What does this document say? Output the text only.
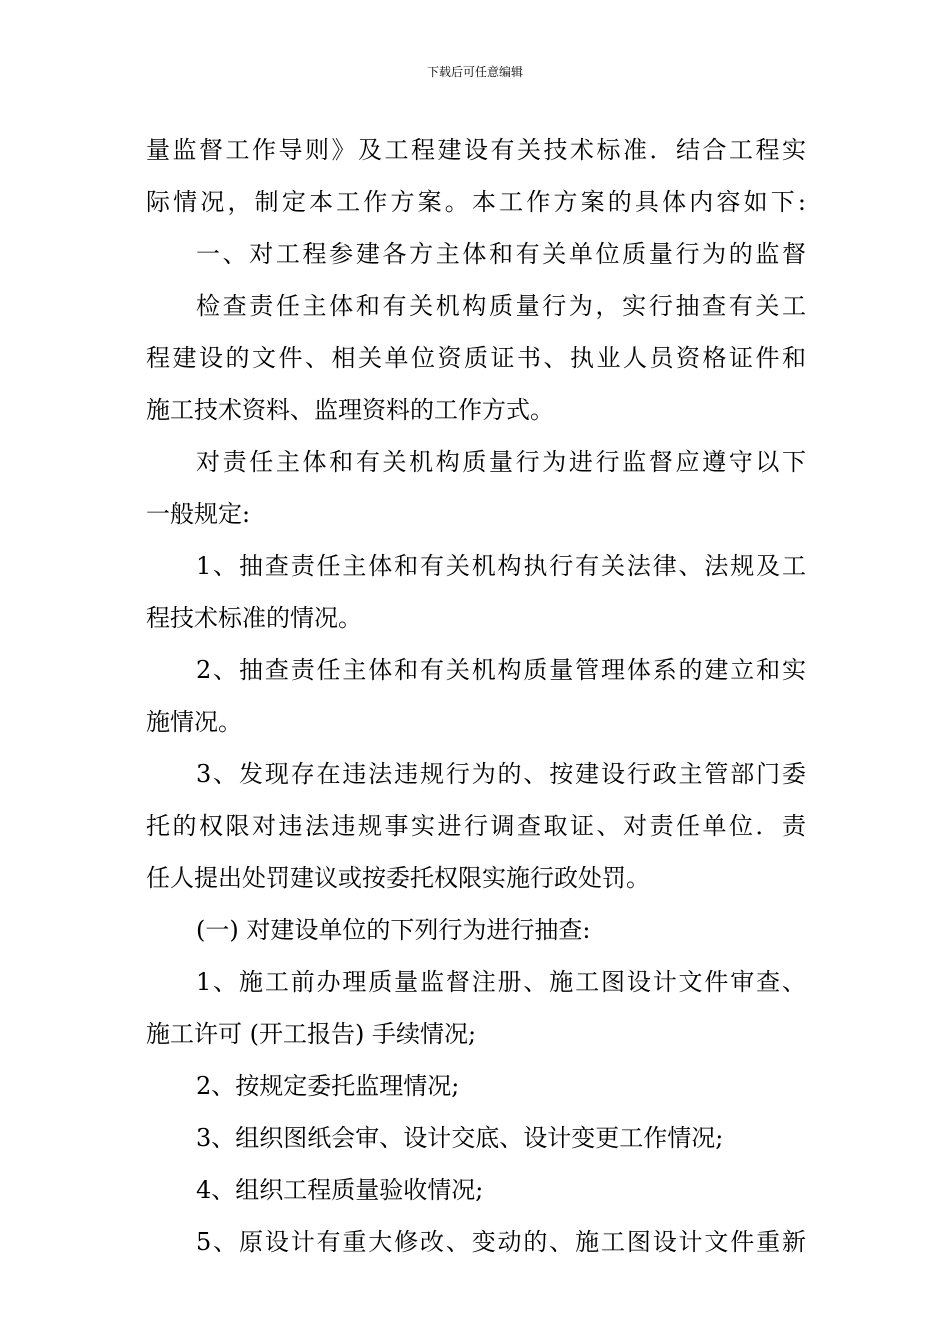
下载后可任意编辑
量监督工作导则》及工程建设有关技术标准．结合工程实
际情况，制定本工作方案。本工作方案的具体内容如下:
一、对工程参建各方主体和有关单位质量行为的监督
检查责任主体和有关机构质量行为，实行抽查有关工
程建设的文件、相关单位资质证书、执业人员资格证件和
施工技术资料、监理资料的工作方式。
对责任主体和有关机构质量行为进行监督应遵守以下
一般规定:
1、抽查责任主体和有关机构执行有关法律、法规及工
程技术标准的情况。
2、抽查责任主体和有关机构质量管理体系的建立和实
施情况。
3、发现存在违法违规行为的、按建设行政主管部门委
托的权限对违法违规事实进行调查取证、对责任单位．责
任人提出处罚建议或按委托权限实施行政处罚。
(一) 对建设单位的下列行为进行抽查:
1、施工前办理质量监督注册、施工图设计文件审查、
施工许可 (开工报告) 手续情况;
2、按规定委托监理情况;
3、组织图纸会审、设计交底、设计变更工作情况;
4、组织工程质量验收情况;
5、原设计有重大修改、变动的、施工图设计文件重新
